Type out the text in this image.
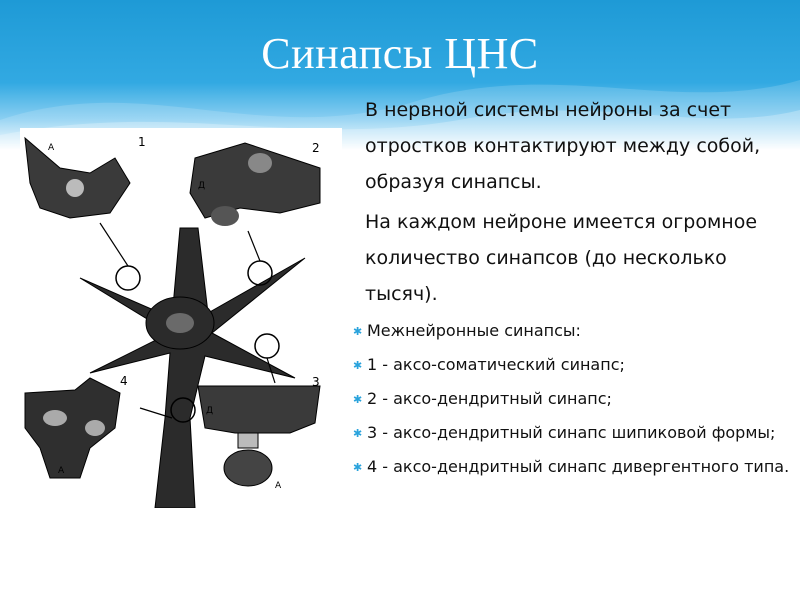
Синапсы ЦНС
1	2
3
4
А
Д
Д
А
А

В нервной системы нейроны за счет отростков контактируют между собой, образуя синапсы.

На каждом нейроне имеется огромное количество синапсов (до несколько тысяч).

✱ Межнейронные синапсы:
✱ 1 - аксо-соматический синапс;
✱ 2 - аксо-дендритный синапс;
✱ 3 - аксо-дендритный синапс шипиковой формы;
✱ 4 - аксо-дендритный синапс дивергентного типа.
